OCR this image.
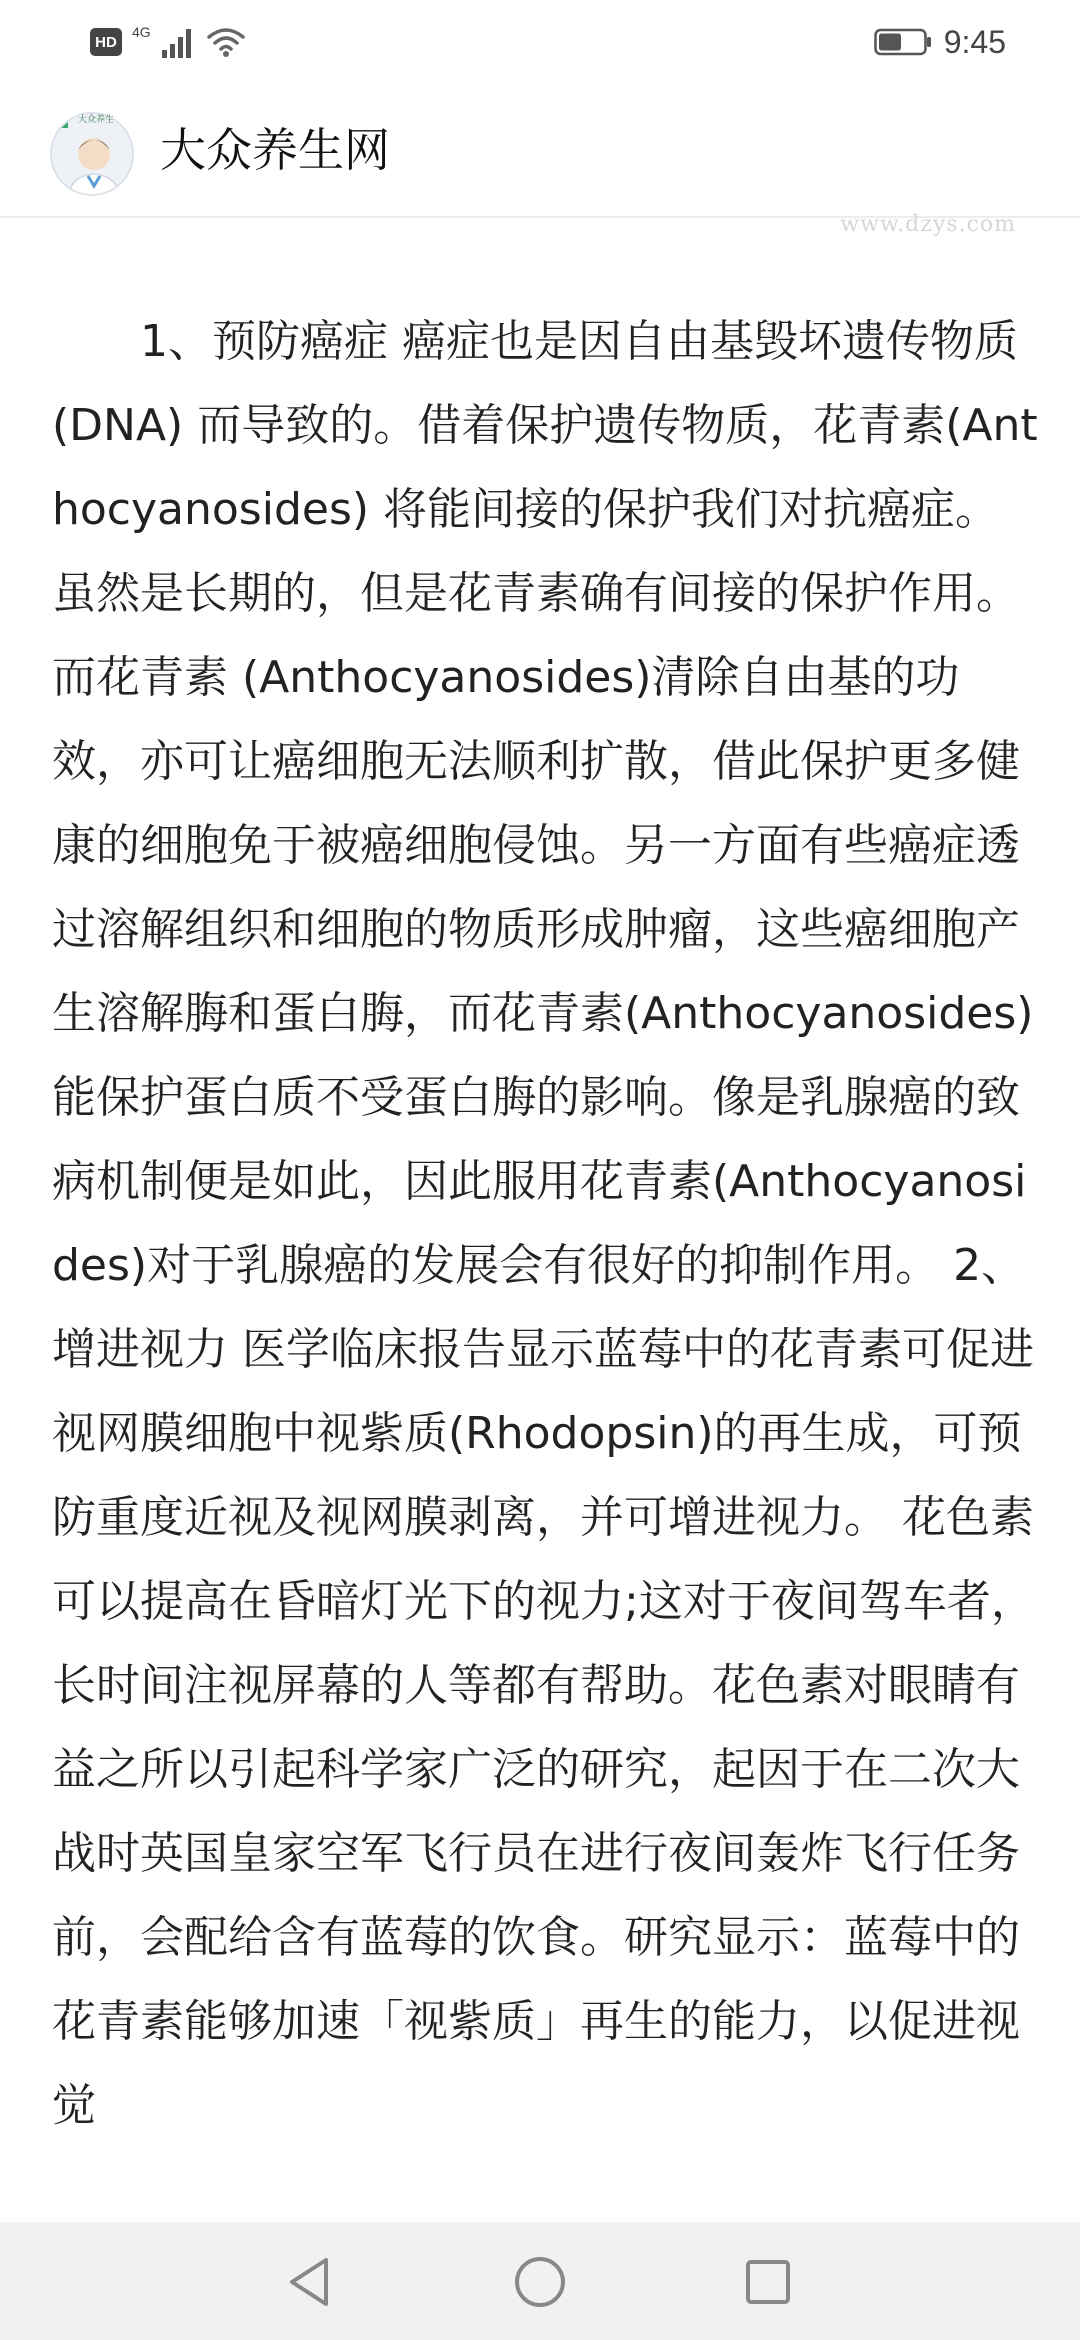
HD
4G	9:45
大众养生
大众养生网
www.dzys.com
1、预防癌症 癌症也是因自由基毁坏遗传物质 (DNA) 而导致的。借着保护遗传物质，花青素(Anthocyanosides) 将能间接的保护我们对抗癌症。虽然是长期的，但是花青素确有间接的保护作用。而花青素 (Anthocyanosides)清除自由基的功效，亦可让癌细胞无法顺利扩散，借此保护更多健康的细胞免于被癌细胞侵蚀。另一方面有些癌症透过溶解组织和细胞的物质形成肿瘤，这些癌细胞产生溶解脢和蛋白脢，而花青素(Anthocyanosides)能保护蛋白质不受蛋白脢的影响。像是乳腺癌的致病机制便是如此，因此服用花青素(Anthocyanosides)对于乳腺癌的发展会有很好的抑制作用。 2、增进视力 医学临床报告显示蓝莓中的花青素可促进视网膜细胞中视紫质(Rhodopsin)的再生成，可预防重度近视及视网膜剥离，并可增进视力。 花色素可以提高在昏暗灯光下的视力;这对于夜间驾车者，长时间注视屏幕的人等都有帮助。花色素对眼睛有益之所以引起科学家广泛的研究，起因于在二次大战时英国皇家空军飞行员在进行夜间轰炸飞行任务前，会配给含有蓝莓的饮食。研究显示：蓝莓中的花青素能够加速「视紫质」再生的能力，以促进视觉
